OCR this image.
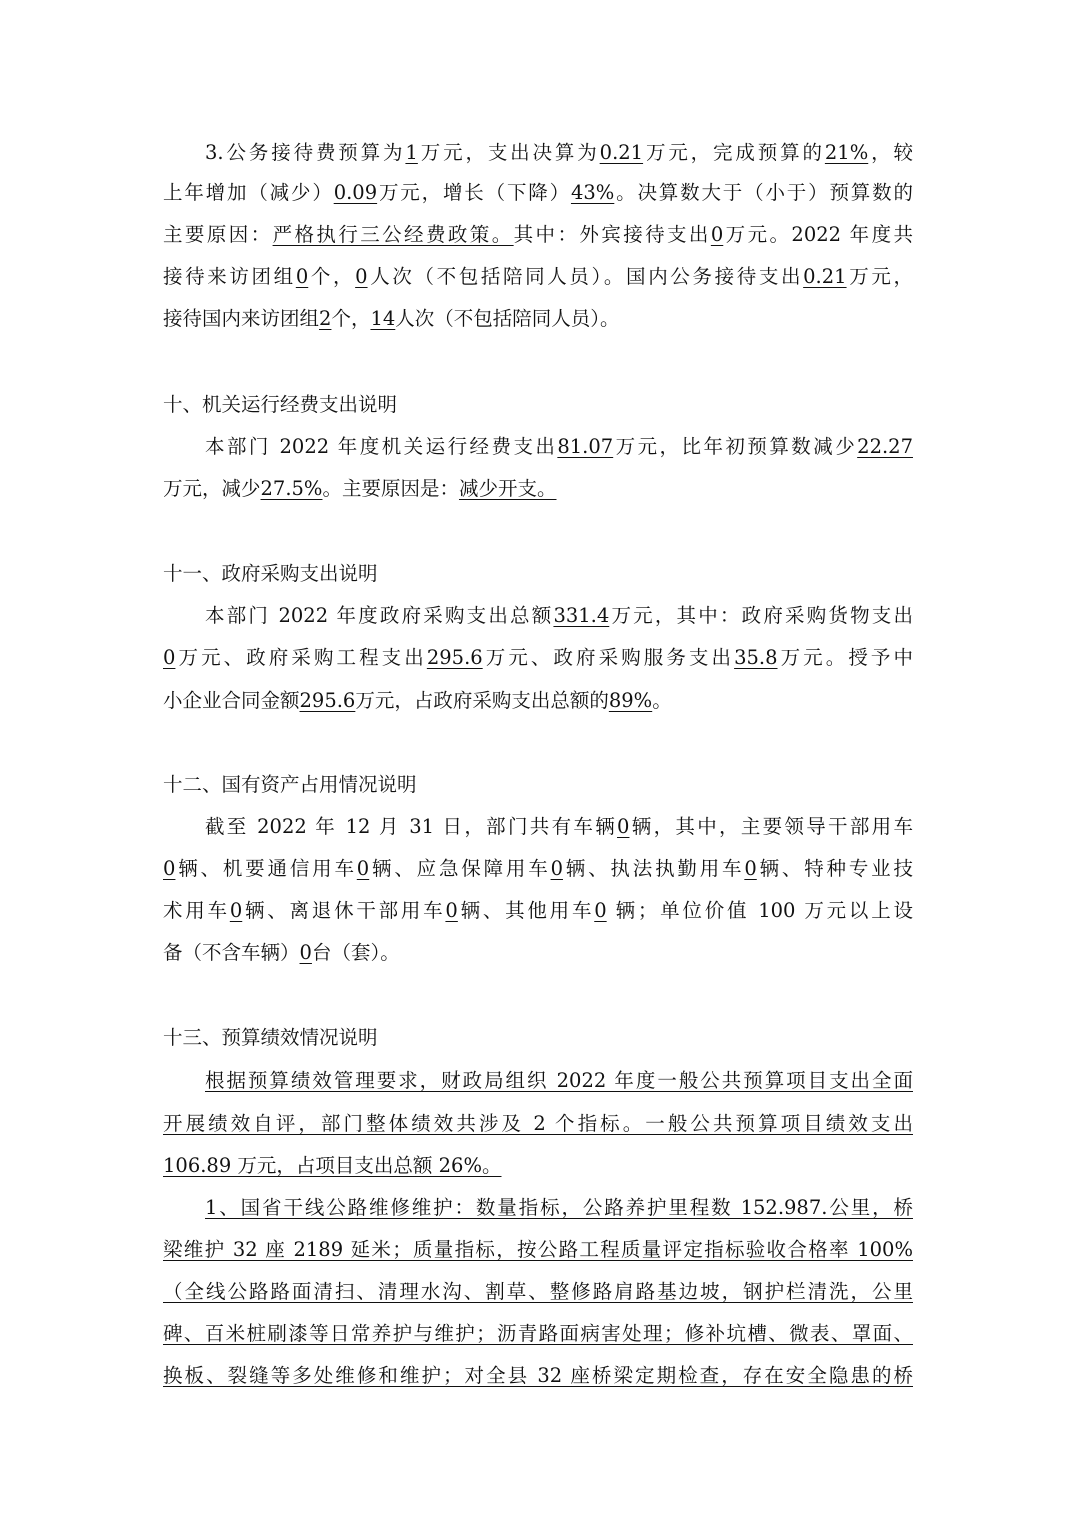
3.公务接待费预算为1万元，支出决算为0.21万元，完成预算的21%，较
上年增加（减少）0.09万元，增长（下降）43%。决算数大于（小于）预算数的
主要原因：严格执行三公经费政策。其中：外宾接待支出0万元。2022 年度共
接待来访团组0个，0人次（不包括陪同人员）。国内公务接待支出0.21万元，
接待国内来访团组2个，14人次（不包括陪同人员）。
十、机关运行经费支出说明
本部门 2022 年度机关运行经费支出81.07万元，比年初预算数减少22.27
万元，减少27.5%。主要原因是：减少开支。
十一、政府采购支出说明
本部门 2022 年度政府采购支出总额331.4万元，其中：政府采购货物支出
0万元、政府采购工程支出295.6万元、政府采购服务支出35.8万元。授予中
小企业合同金额295.6万元，占政府采购支出总额的89%。
十二、国有资产占用情况说明
截至 2022 年 12 月 31 日，部门共有车辆0辆，其中，主要领导干部用车
0辆、机要通信用车0辆、应急保障用车0辆、执法执勤用车0辆、特种专业技
术用车0辆、离退休干部用车0辆、其他用车0 辆；单位价值 100 万元以上设
备（不含车辆）0台（套）。
十三、预算绩效情况说明
根据预算绩效管理要求，财政局组织 2022 年度一般公共预算项目支出全面
开展绩效自评，部门整体绩效共涉及 2 个指标。一般公共预算项目绩效支出
106.89 万元，占项目支出总额 26%。
1、国省干线公路维修维护：数量指标，公路养护里程数 152.987.公里，桥
梁维护 32 座 2189 延米；质量指标，按公路工程质量评定指标验收合格率 100%
（全线公路路面清扫、清理水沟、割草、整修路肩路基边坡，钢护栏清洗，公里
碑、百米桩刷漆等日常养护与维护；沥青路面病害处理；修补坑槽、微表、罩面、
换板、裂缝等多处维修和维护；对全县 32 座桥梁定期检查，存在安全隐患的桥
